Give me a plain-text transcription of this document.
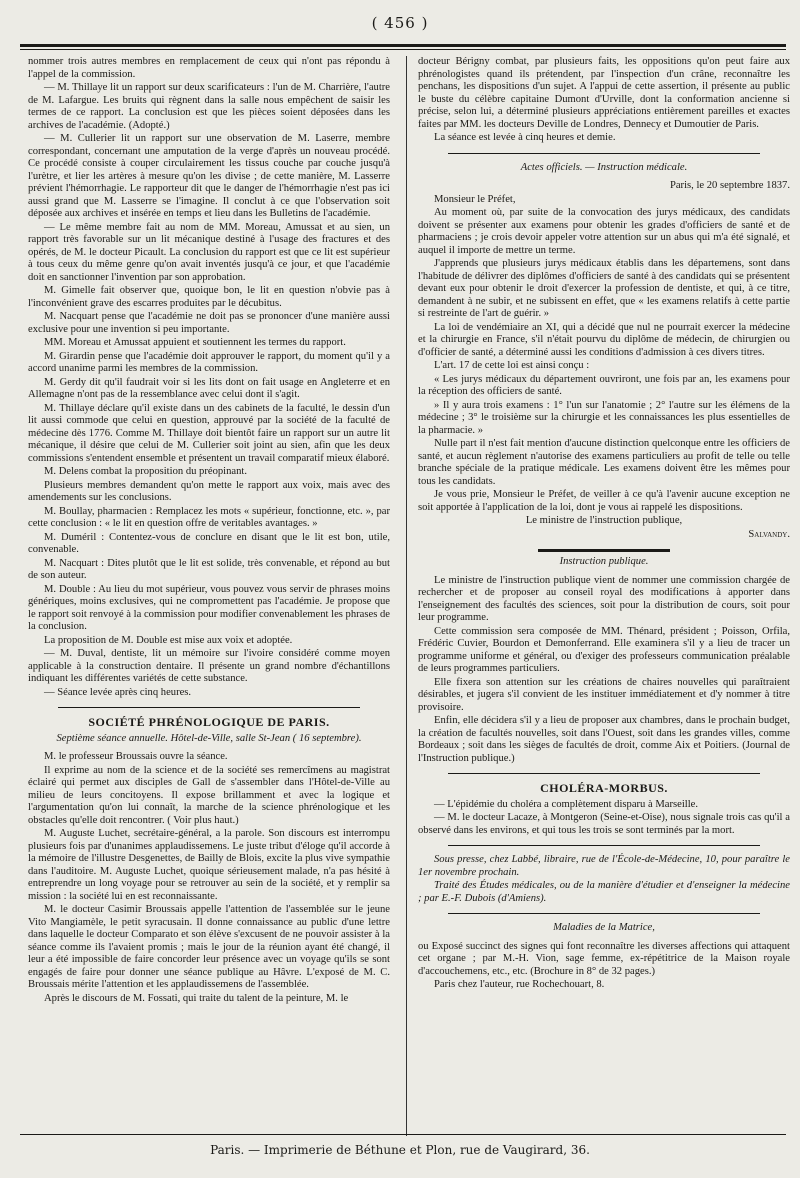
( 456 )

nommer trois autres membres en remplacement de ceux qui n'ont pas répondu à l'appel de la commission.

— M. Thillaye lit un rapport sur deux scarificateurs : l'un de M. Charrière, l'autre de M. Lafargue. Les bruits qui règnent dans la salle nous empêchent de saisir les termes de ce rapport. La conclusion est que les pièces soient déposées dans les archives de l'académie. (Adopté.)

— M. Cullerier lit un rapport sur une observation de M. Laserre, membre correspondant, concernant une amputation de la verge d'après un nouveau procédé. Ce procédé consiste à couper circulairement les tissus couche par couche jusqu'à l'urètre, et lier les artères à mesure qu'on les divise ; de cette manière, M. Lasserre prévient l'hémorrhagie. Le rapporteur dit que le danger de l'hémorrhagie n'est pas ici aussi grand que M. Lasserre se l'imagine. Il conclut à ce que l'observation soit déposée aux archives et insérée en temps et lieu dans les Bulletins de l'académie.

— Le même membre fait au nom de MM. Moreau, Amussat et au sien, un rapport très favorable sur un lit mécanique destiné à l'usage des fractures et des opérés, de M. le docteur Picault. La conclusion du rapport est que ce lit est supérieur à tous ceux du même genre qu'on avait inventés jusqu'à ce jour, et que l'académie doit en sanctionner l'invention par son approbation.

M. Gimelle fait observer que, quoique bon, le lit en question n'obvie pas à l'inconvénient grave des escarres produites par le décubitus.

M. Nacquart pense que l'académie ne doit pas se prononcer d'une manière aussi exclusive pour une invention si peu importante.

MM. Moreau et Amussat appuient et soutiennent les termes du rapport.

M. Girardin pense que l'académie doit approuver le rapport, du moment qu'il y a accord unanime parmi les membres de la commission.

M. Gerdy dit qu'il faudrait voir si les lits dont on fait usage en Angleterre et en Allemagne n'ont pas de la ressemblance avec celui dont il s'agit.

M. Thillaye déclare qu'il existe dans un des cabinets de la faculté, le dessin d'un lit aussi commode que celui en question, approuvé par la société de la faculté de médecine dès 1776. Comme M. Thillaye doit bientôt faire un rapport sur un autre lit mécanique, il désire que celui de M. Cullerier soit joint au sien, afin que les deux commissions s'entendent ensemble et présentent un travail comparatif mieux élaboré.

M. Delens combat la proposition du préopinant.

Plusieurs membres demandent qu'on mette le rapport aux voix, mais avec des amendements sur les conclusions.

M. Boullay, pharmacien : Remplacez les mots « supérieur, fonctionne, etc. », par cette conclusion : « le lit en question offre de veritables avantages. »

M. Duméril : Contentez-vous de conclure en disant que le lit est bon, utile, convenable.

M. Nacquart : Dites plutôt que le lit est solide, très convenable, et répond au but de son auteur.

M. Double : Au lieu du mot supérieur, vous pouvez vous servir de phrases moins génériques, moins exclusives, qui ne compromettent pas l'académie. Je propose que le rapport soit renvoyé à la commission pour modifier convenablement les phrases de la conclusion.

La proposition de M. Double est mise aux voix et adoptée.

— M. Duval, dentiste, lit un mémoire sur l'ivoire considéré comme moyen applicable à la construction dentaire. Il présente un grand nombre d'échantillons indiquant les différentes variétés de cette substance.

— Séance levée après cinq heures.

SOCIÉTÉ PHRÉNOLOGIQUE DE PARIS.
Septième séance annuelle. Hôtel-de-Ville, salle St-Jean ( 16 septembre).

M. le professeur Broussais ouvre la séance.

Il exprime au nom de la science et de la société ses remercîmens au magistrat éclairé qui permet aux disciples de Gall de s'assembler dans l'Hôtel-de-Ville au milieu de leurs concitoyens. Il expose brillamment et avec la logique et l'argumentation qu'on lui connaît, la marche de la science phrénologique et les obstacles qu'elle doit rencontrer. ( Voir plus haut.)

M. Auguste Luchet, secrétaire-général, a la parole. Son discours est interrompu plusieurs fois par d'unanimes applaudissemens. Le juste tribut d'éloge qu'il accorde à la mémoire de l'illustre Desgenettes, de Bailly de Blois, excite la plus vive sympathie dans l'auditoire. M. Auguste Luchet, quoique sérieusement malade, n'a pas hésité à entreprendre un long voyage pour se retrouver au sein de la société, et y remplir sa mission : la société lui en est reconnaissante.

M. le docteur Casimir Broussais appelle l'attention de l'assemblée sur le jeune Vito Mangiamèle, le petit syracusain. Il donne connaissance au public d'une lettre dans laquelle le docteur Comparato et son élève s'excusent de ne pouvoir assister à la séance comme ils l'avaient promis ; mais le jour de la réunion ayant été changé, il leur a été impossible de faire concorder leur présence avec un voyage qu'ils se sont engagés de faire pour donner une séance publique au Hâvre. L'exposé de M. C. Broussais mérite l'attention et les applaudissemens de l'assemblée.

Après le discours de M. Fossati, qui traite du talent de la peinture, M. le

docteur Bérigny combat, par plusieurs faits, les oppositions qu'on peut faire aux phrénologistes quand ils prétendent, par l'inspection d'un crâne, reconnaître les penchans, les dispositions d'un sujet. A l'appui de cette assertion, il présente au public le buste du célèbre capitaine Dumont d'Urville, dont la conformation ancienne si précise, selon lui, a déterminé plusieurs appréciations entièrement pareilles et exactes faites par MM. les docteurs Deville de Londres, Dennecy et Dumoutier de Paris.

La séance est levée à cinq heures et demie.

Actes officiels. — Instruction médicale.

Paris, le 20 septembre 1837.

Monsieur le Préfet,

Au moment où, par suite de la convocation des jurys médicaux, des candidats doivent se présenter aux examens pour obtenir les grades d'officiers de santé et de pharmaciens ; je crois devoir appeler votre attention sur un abus qui m'a été signalé, et auquel il importe de mettre un terme.

J'apprends que plusieurs jurys médicaux établis dans les départemens, sont dans l'habitude de délivrer des diplômes d'officiers de santé à des candidats qui se présentent devant eux pour obtenir le droit d'exercer la profession de dentiste, et qui, à ce titre, demandent à ne subir, et ne subissent en effet, que « les examens relatifs à cette partie si restreinte de l'art de guérir. »

La loi de vendémiaire an XI, qui a décidé que nul ne pourrait exercer la médecine et la chirurgie en France, s'il n'était pourvu du diplôme de médecin, de chirurgien ou d'officier de santé, a déterminé aussi les conditions d'admission à ces divers titres.

L'art. 17 de cette loi est ainsi conçu :

« Les jurys médicaux du département ouvriront, une fois par an, les examens pour la réception des officiers de santé.

» Il y aura trois examens : 1° l'un sur l'anatomie ; 2° l'autre sur les élémens de la médecine ; 3° le troisième sur la chirurgie et les connaissances les plus essentielles de la pharmacie. »

Nulle part il n'est fait mention d'aucune distinction quelconque entre les officiers de santé, et aucun règlement n'autorise des examens particuliers au profit de telle ou telle branche spéciale de la pratique médicale. Les examens doivent être les mêmes pour tous les candidats.

Je vous prie, Monsieur le Préfet, de veiller à ce qu'à l'avenir aucune exception ne soit apportée à l'application de la loi, dont je vous ai rappelé les dispositions.

Le ministre de l'instruction publique,

Salvandy.

Instruction publique.

Le ministre de l'instruction publique vient de nommer une commission chargée de rechercher et de proposer au conseil royal des modifications à apporter dans l'enseignement des facultés des sciences, soit pour la distribution de cours, soit pour leur programme.

Cette commission sera composée de MM. Thénard, président ; Poisson, Orfila, Frédéric Cuvier, Bourdon et Demonferrand. Elle examinera s'il y a lieu de tracer un programme uniforme et général, ou d'exiger des professeurs communication préalable de leurs programmes particuliers.

Elle fixera son attention sur les créations de chaires nouvelles qui paraîtraient désirables, et jugera s'il convient de les instituer immédiatement et d'y nommer à titre provisoire.

Enfin, elle décidera s'il y a lieu de proposer aux chambres, dans le prochain budget, la création de facultés nouvelles, soit dans l'Ouest, soit dans les grandes villes, comme Bordeaux ; soit dans les sièges de facultés de droit, comme Aix et Poitiers. (Journal de l'Instruction publique.)

CHOLÉRA-MORBUS.

— L'épidémie du choléra a complètement disparu à Marseille.

— M. le docteur Lacaze, à Montgeron (Seine-et-Oise), nous signale trois cas qu'il a observé dans les environs, et qui tous les trois se sont terminés par la mort.

Sous presse, chez Labbé, libraire, rue de l'École-de-Médecine, 10, pour paraître le 1er novembre prochain.

Traité des Études médicales, ou de la manière d'étudier et d'enseigner la médecine ; par E.-F. Dubois (d'Amiens).

Maladies de la Matrice,

ou Exposé succinct des signes qui font reconnaître les diverses affections qui attaquent cet organe ; par M.-H. Vion, sage femme, ex-répétitrice de la Maison royale d'accouchemens, etc., etc. (Brochure in 8° de 32 pages.)

Paris chez l'auteur, rue Rochechouart, 8.

Paris. — Imprimerie de Béthune et Plon, rue de Vaugirard, 36.
